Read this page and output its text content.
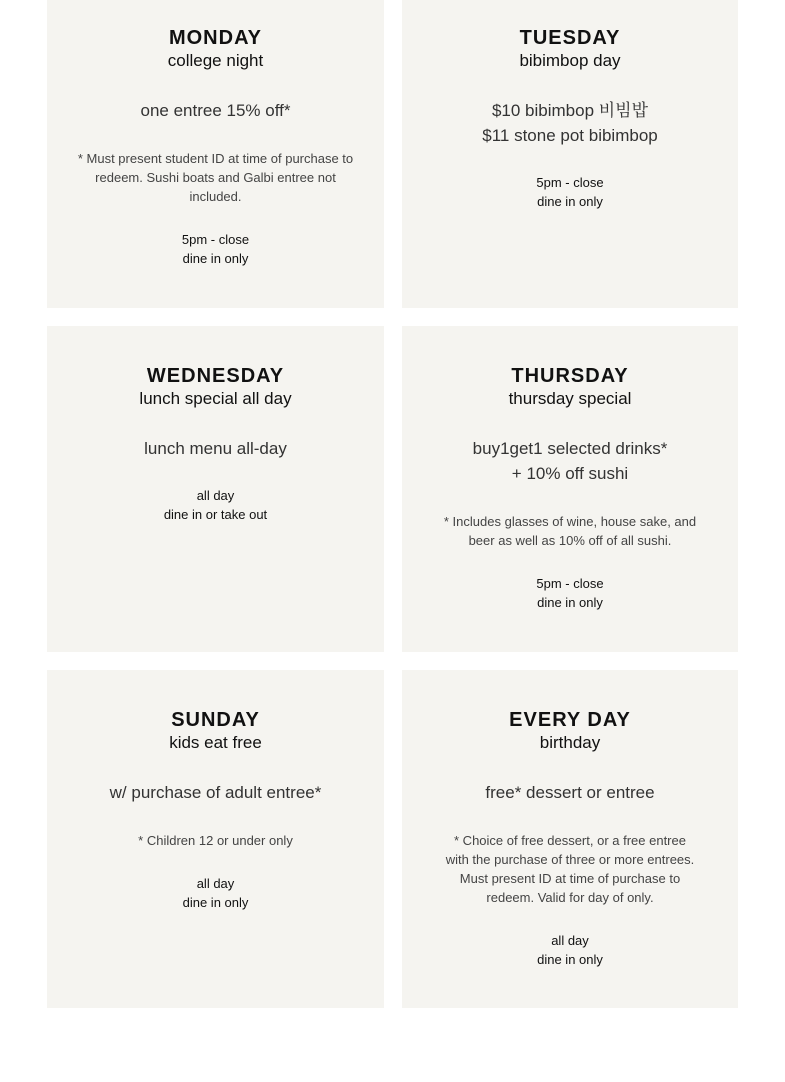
MONDAY
college night
one entree 15% off*
* Must present student ID at time of purchase to redeem. Sushi boats and Galbi entree not included.
5pm - close
dine in only
TUESDAY
bibimbop day
$10 bibimbop 비빔밥
$11 stone pot bibimbop
5pm - close
dine in only
WEDNESDAY
lunch special all day
lunch menu all-day
all day
dine in or take out
THURSDAY
thursday special
buy1get1 selected drinks*
+ 10% off sushi
* Includes glasses of wine, house sake, and beer as well as 10% off of all sushi.
5pm - close
dine in only
SUNDAY
kids eat free
w/ purchase of adult entree*
* Children 12 or under only
all day
dine in only
EVERY DAY
birthday
free* dessert or entree
* Choice of free dessert, or a free entree with the purchase of three or more entrees. Must present ID at time of purchase to redeem. Valid for day of only.
all day
dine in only
